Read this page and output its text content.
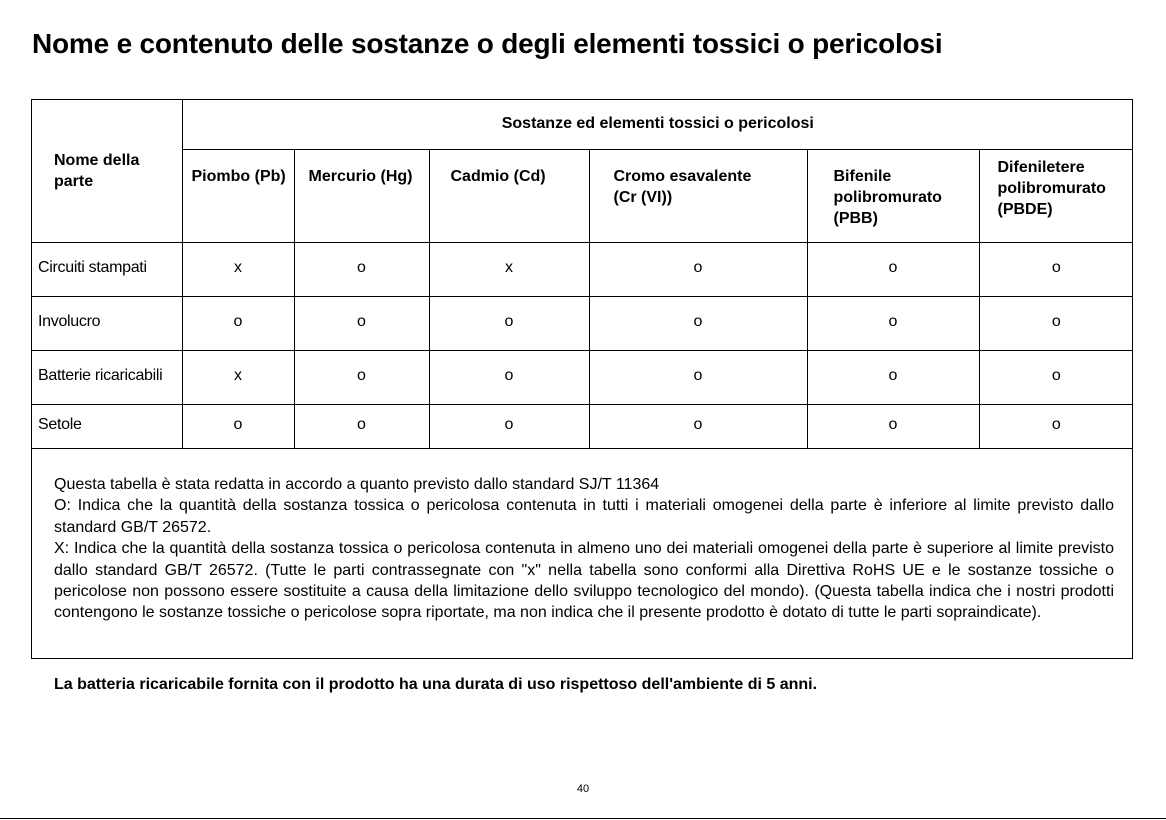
Nome e contenuto delle sostanze o degli elementi tossici o pericolosi
Nome della
parte	Sostanze ed elementi tossici o pericolosi					

	Piombo (Pb)	Mercurio (Hg)	Cadmio (Cd)	Cromo esavalente
(Cr (VI))	Bifenile
polibromurato
(PBB)	Difeniletere
polibromurato
(PBDE)

Circuiti stampati	x	o	x	o	o	o
Involucro	o	o	o	o	o	o
Batterie ricaricabili	x	o	o	o	o	o
Setole	o	o	o	o	o	o

Questa tabella è stata redatta in accordo a quanto previsto dallo standard SJ/T 11364

O: Indica che la quantità della sostanza tossica o pericolosa contenuta in tutti i materiali omogenei della parte è inferiore al limite previsto dallo standard GB/T 26572.

X: Indica che la quantità della sostanza tossica o pericolosa contenuta in almeno uno dei materiali omogenei della parte è superiore al limite previsto dallo standard GB/T 26572. (Tutte le parti contrassegnate con "x" nella tabella sono conformi alla Direttiva RoHS UE e le sostanze tossiche o pericolose non possono essere sostituite a causa della limitazione dello sviluppo tecnologico del mondo). (Questa tabella indica che i nostri prodotti contengono le sostanze tossiche o pericolose sopra riportate, ma non indica che il presente prodotto è dotato di tutte le parti sopraindicate).

La batteria ricaricabile fornita con il prodotto ha una durata di uso rispettoso dell'ambiente di 5 anni.
40
